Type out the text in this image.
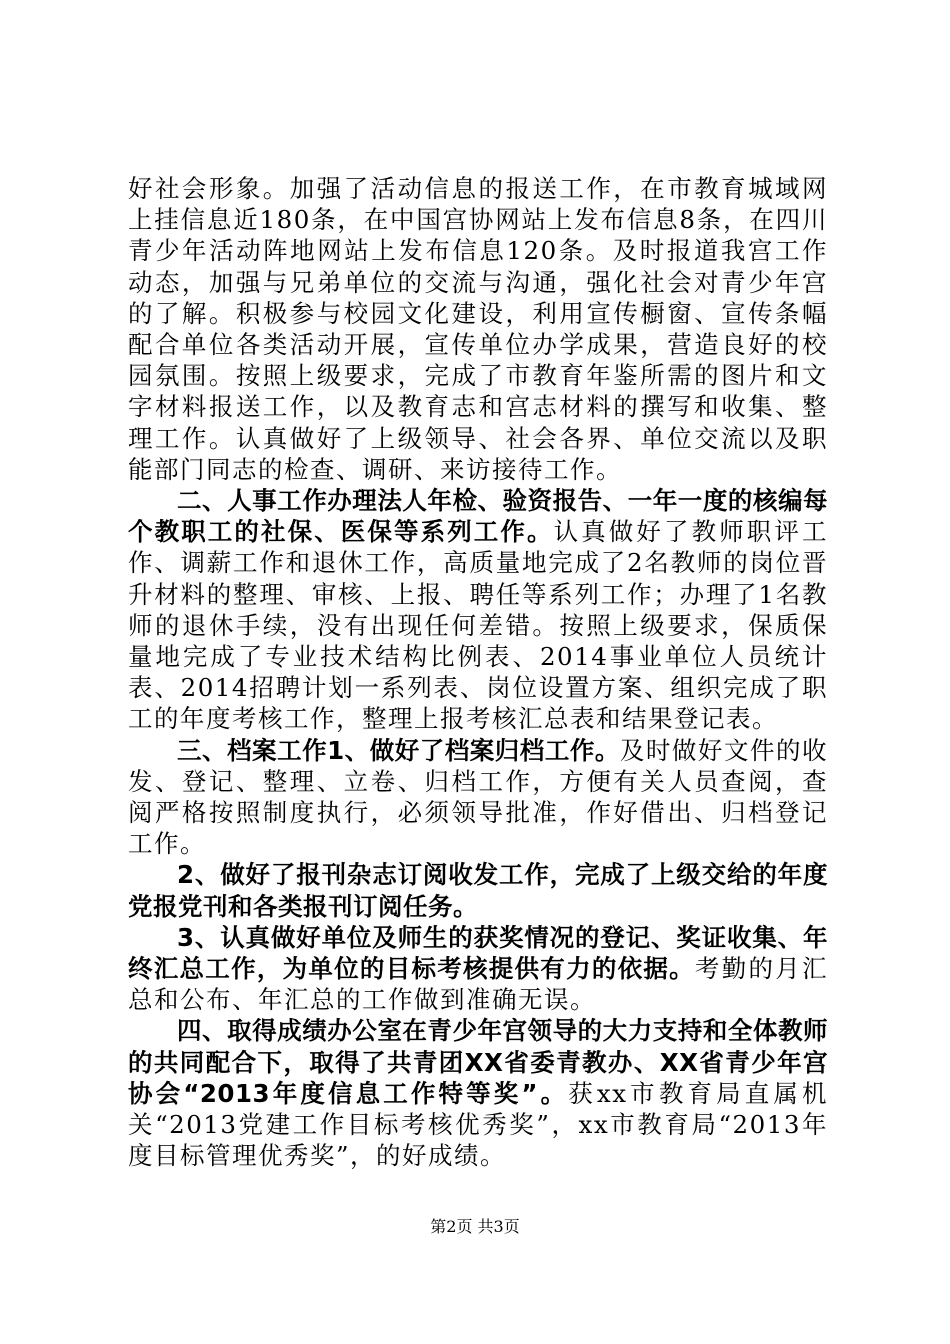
好社会形象。加强了活动信息的报送工作，在市教育城域网上挂信息近180条，在中国宫协网站上发布信息8条，在四川青少年活动阵地网站上发布信息120条。及时报道我宫工作动态，加强与兄弟单位的交流与沟通，强化社会对青少年宫的了解。积极参与校园文化建设，利用宣传橱窗、宣传条幅配合单位各类活动开展，宣传单位办学成果，营造良好的校园氛围。按照上级要求，完成了市教育年鉴所需的图片和文字材料报送工作，以及教育志和宫志材料的撰写和收集、整理工作。认真做好了上级领导、社会各界、单位交流以及职能部门同志的检查、调研、来访接待工作。

二、人事工作办理法人年检、验资报告、一年一度的核编每个教职工的社保、医保等系列工作。认真做好了教师职评工作、调薪工作和退休工作，高质量地完成了2名教师的岗位晋升材料的整理、审核、上报、聘任等系列工作；办理了1名教师的退休手续，没有出现任何差错。按照上级要求，保质保量地完成了专业技术结构比例表、2014事业单位人员统计表、2014招聘计划一系列表、岗位设置方案、组织完成了职工的年度考核工作，整理上报考核汇总表和结果登记表。

三、档案工作1、做好了档案归档工作。及时做好文件的收发、登记、整理、立卷、归档工作，方便有关人员查阅，查阅严格按照制度执行，必须领导批准，作好借出、归档登记工作。

2、做好了报刊杂志订阅收发工作，完成了上级交给的年度党报党刊和各类报刊订阅任务。

3、认真做好单位及师生的获奖情况的登记、奖证收集、年终汇总工作，为单位的目标考核提供有力的依据。考勤的月汇总和公布、年汇总的工作做到准确无误。

四、取得成绩办公室在青少年宫领导的大力支持和全体教师的共同配合下，取得了共青团XX省委青教办、XX省青少年宫协会“2013年度信息工作特等奖”。获xx市教育局直属机关“2013党建工作目标考核优秀奖”，xx市教育局“2013年度目标管理优秀奖”，的好成绩。

第2页 共3页
